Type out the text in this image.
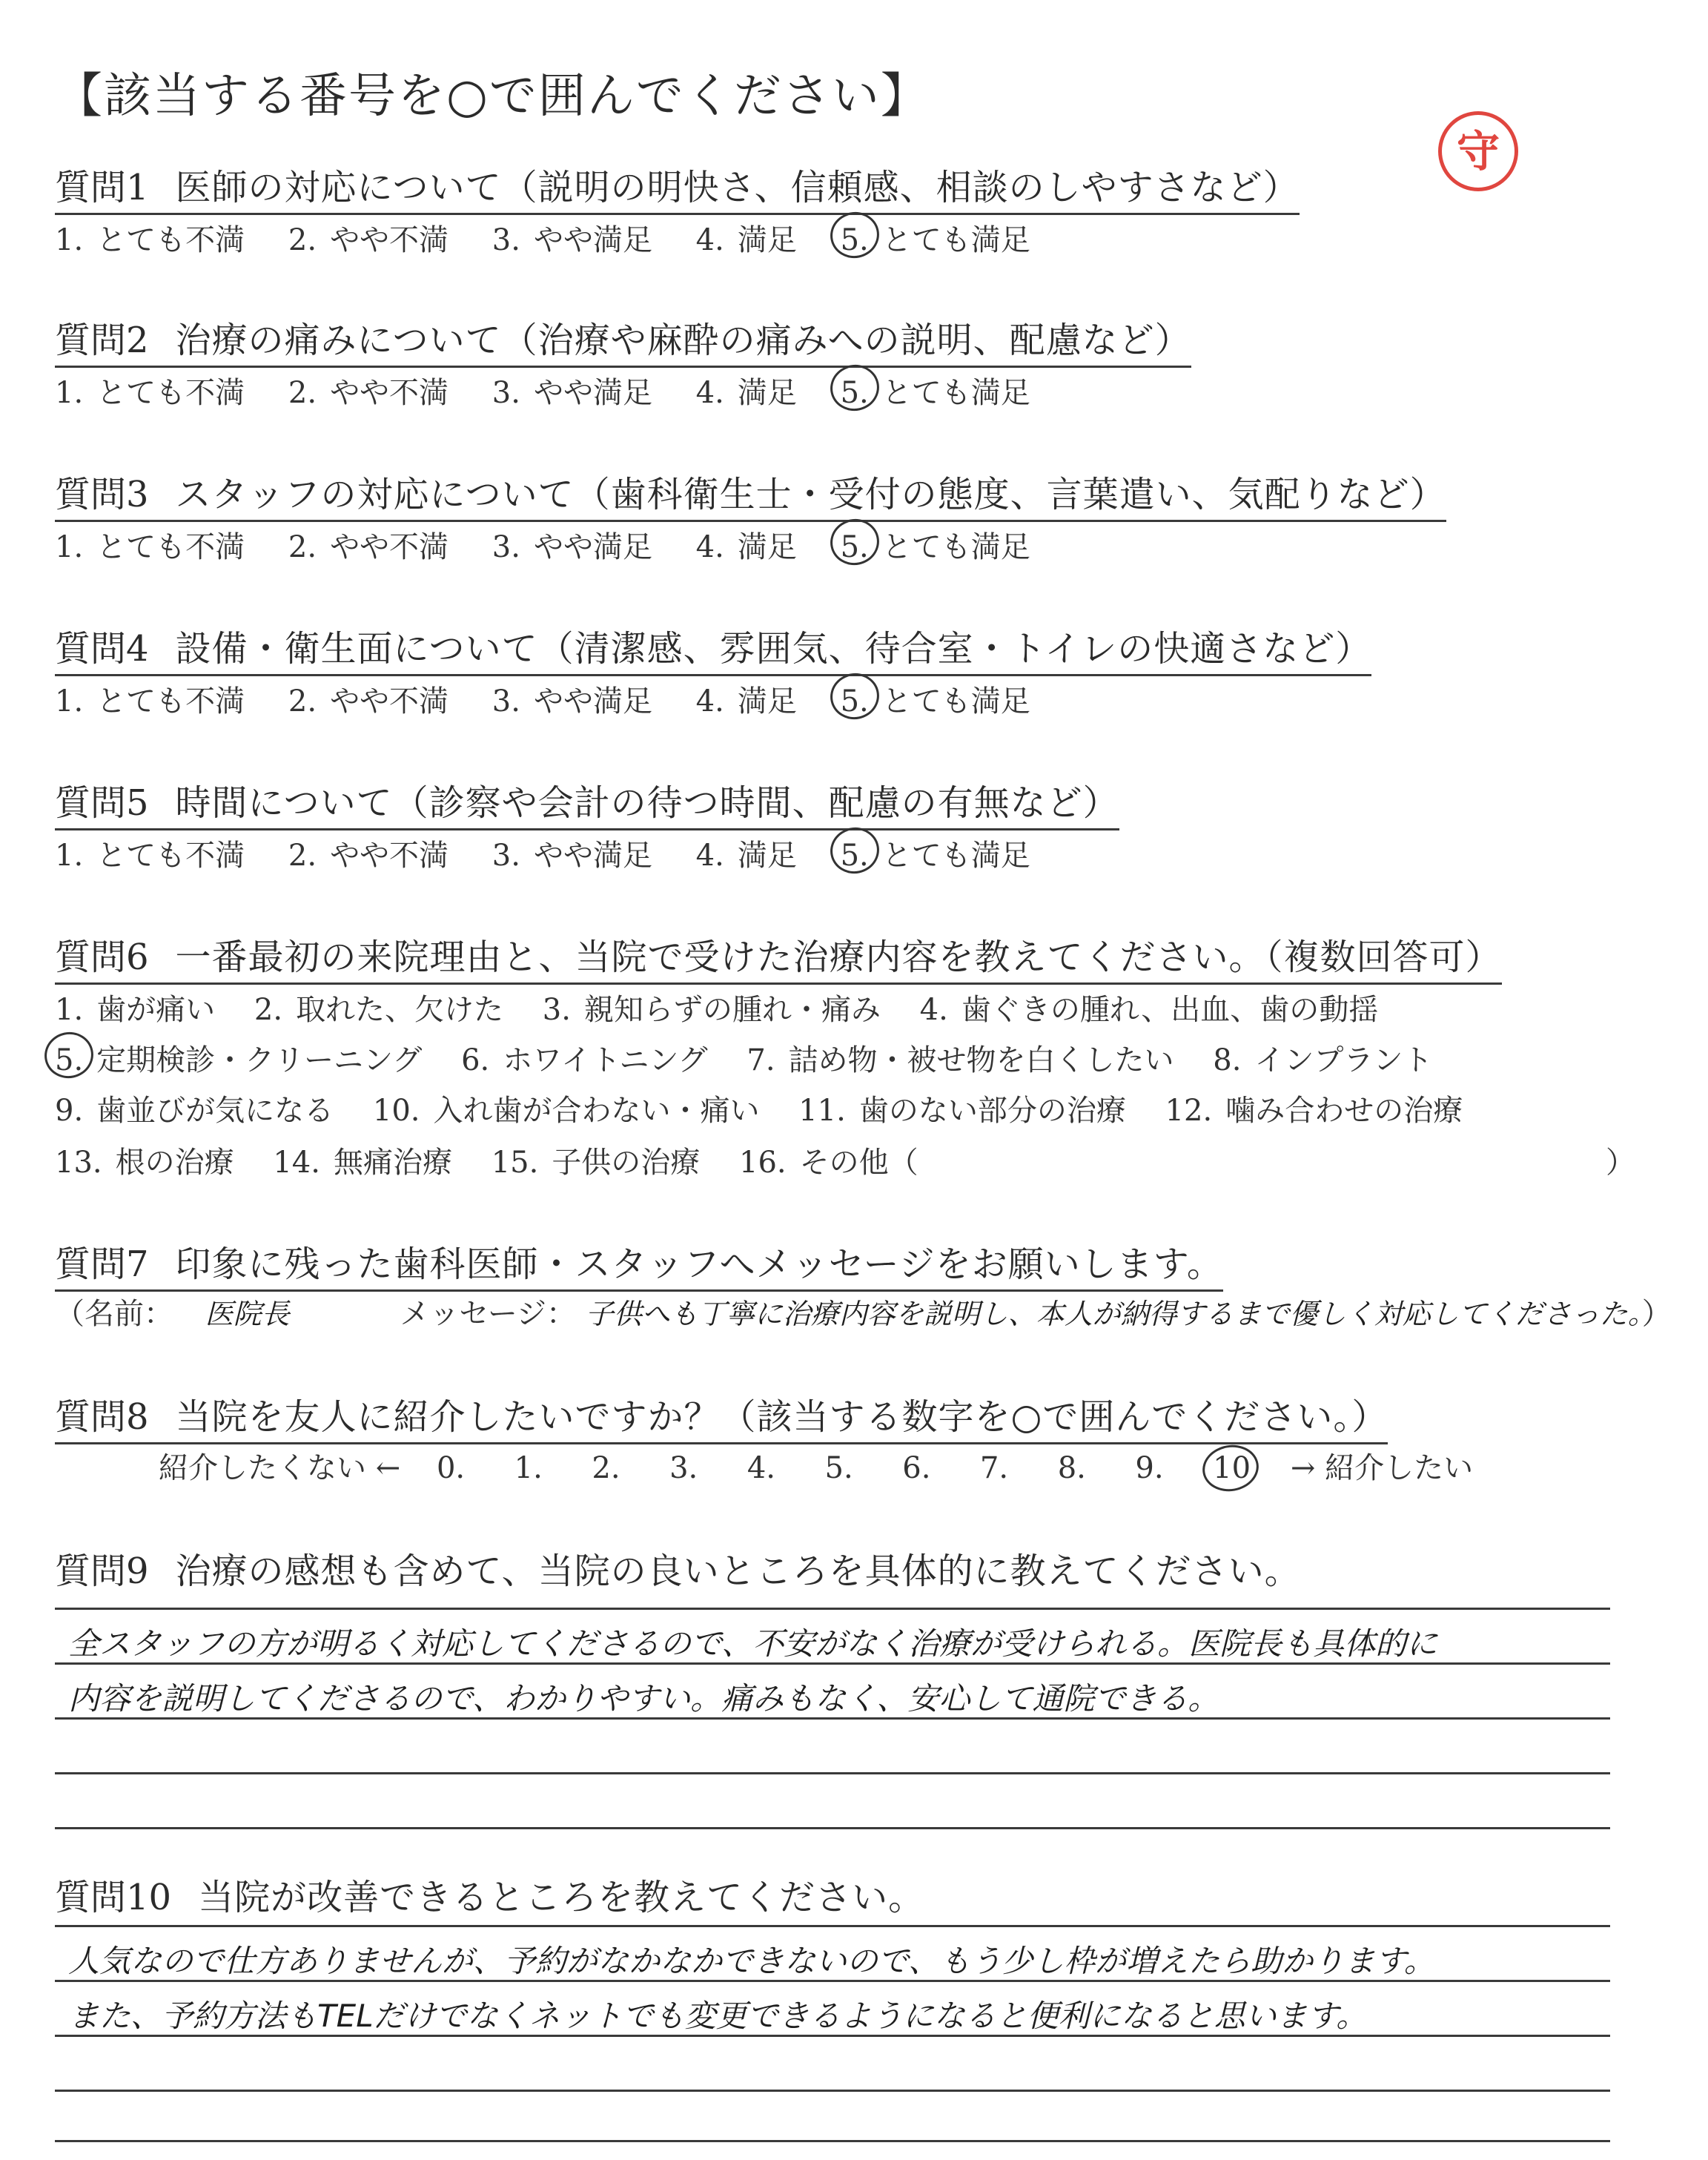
【該当する番号を○で囲んでください】
守
質問1 医師の対応について（説明の明快さ、信頼感、相談のしやすさなど）
1. とても不満 2. やや不満 3. やや満足 4. 満足 5. とても満足
質問2 治療の痛みについて（治療や麻酔の痛みへの説明、配慮など）
1. とても不満 2. やや不満 3. やや満足 4. 満足 5. とても満足
質問3 スタッフの対応について（歯科衛生士・受付の態度、言葉遣い、気配りなど）
1. とても不満 2. やや不満 3. やや満足 4. 満足 5. とても満足
質問4 設備・衛生面について（清潔感、雰囲気、待合室・トイレの快適さなど）
1. とても不満 2. やや不満 3. やや満足 4. 満足 5. とても満足
質問5 時間について（診察や会計の待つ時間、配慮の有無など）
1. とても不満 2. やや不満 3. やや満足 4. 満足 5. とても満足
質問6 一番最初の来院理由と、当院で受けた治療内容を教えてください。（複数回答可）
1. 歯が痛い 2. 取れた、欠けた 3. 親知らずの腫れ・痛み 4. 歯ぐきの腫れ、出血、歯の動揺
5. 定期検診・クリーニング 6. ホワイトニング 7. 詰め物・被せ物を白くしたい 8. インプラント
9. 歯並びが気になる 10. 入れ歯が合わない・痛い 11. 歯のない部分の治療 12. 噛み合わせの治療
13. 根の治療 14. 無痛治療 15. 子供の治療 16. その他（	）
質問7 印象に残った歯科医師・スタッフへメッセージをお願いします。
（名前： 医院長	メッセージ： 子供へも丁寧に治療内容を説明し、本人が納得するまで優しく対応してくださった。）
質問8 当院を友人に紹介したいですか？（該当する数字を○で囲んでください。）
紹介したくない ← 0. 1. 2. 3. 4. 5. 6. 7. 8. 9. 10 → 紹介したい
質問9 治療の感想も含めて、当院の良いところを具体的に教えてください。
全スタッフの方が明るく対応してくださるので、不安がなく治療が受けられる。医院長も具体的に
内容を説明してくださるので、わかりやすい。痛みもなく、安心して通院できる。
質問10 当院が改善できるところを教えてください。
人気なので仕方ありませんが、予約がなかなかできないので、もう少し枠が増えたら助かります。
また、予約方法もTELだけでなくネットでも変更できるようになると便利になると思います。
